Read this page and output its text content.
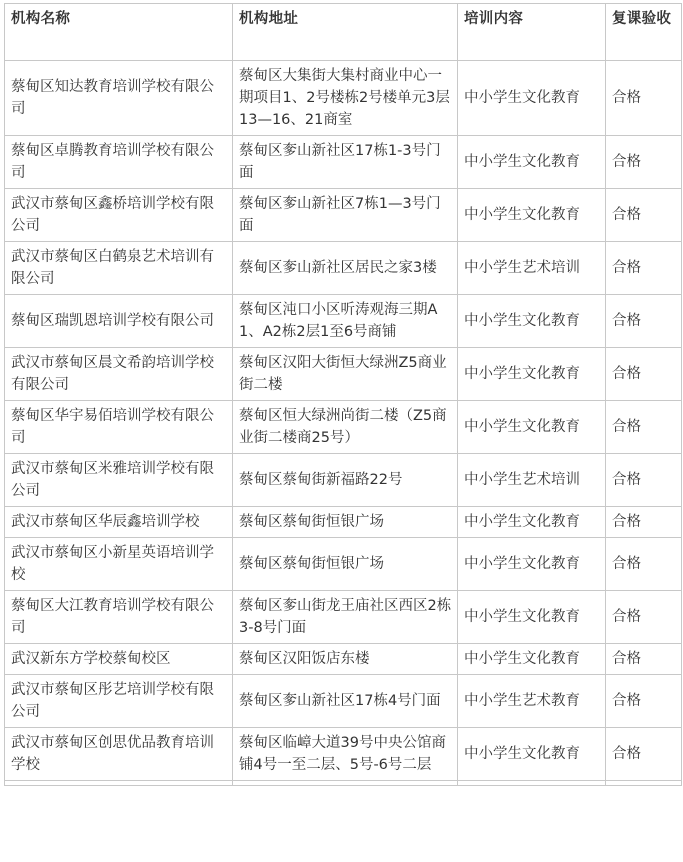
机构名称	机构地址	培训内容	复课验收
蔡甸区知达教育培训学校有限公司	蔡甸区大集街大集村商业中心一期项目1、2号楼栋2号楼单元3层13—16、21商室	中小学生文化教育	合格
蔡甸区卓腾教育培训学校有限公司	蔡甸区奓山新社区17栋1-3号门面	中小学生文化教育	合格
武汉市蔡甸区鑫桥培训学校有限公司	蔡甸区奓山新社区7栋1—3号门面	中小学生文化教育	合格
武汉市蔡甸区白鹤泉艺术培训有限公司	蔡甸区奓山新社区居民之家3楼	中小学生艺术培训	合格
蔡甸区瑞凯恩培训学校有限公司	蔡甸区沌口小区听涛观海三期A1、A2栋2层1至6号商铺	中小学生文化教育	合格
武汉市蔡甸区晨文希韵培训学校有限公司	蔡甸区汉阳大街恒大绿洲Z5商业街二楼	中小学生文化教育	合格
蔡甸区华宇易佰培训学校有限公司	蔡甸区恒大绿洲尚街二楼（Z5商业街二楼商25号）	中小学生文化教育	合格
武汉市蔡甸区米雅培训学校有限公司	蔡甸区蔡甸街新福路22号	中小学生艺术培训	合格
武汉市蔡甸区华辰鑫培训学校	蔡甸区蔡甸街恒银广场	中小学生文化教育	合格
武汉市蔡甸区小新星英语培训学校	蔡甸区蔡甸街恒银广场	中小学生文化教育	合格
蔡甸区大江教育培训学校有限公司	蔡甸区奓山街龙王庙社区西区2栋3-8号门面	中小学生文化教育	合格
武汉新东方学校蔡甸校区	蔡甸区汉阳饭店东楼	中小学生文化教育	合格
武汉市蔡甸区彤艺培训学校有限公司	蔡甸区奓山新社区17栋4号门面	中小学生艺术教育	合格
武汉市蔡甸区创思优品教育培训学校	蔡甸区临嶂大道39号中央公馆商铺4号一至二层、5号-6号二层	中小学生文化教育	合格
